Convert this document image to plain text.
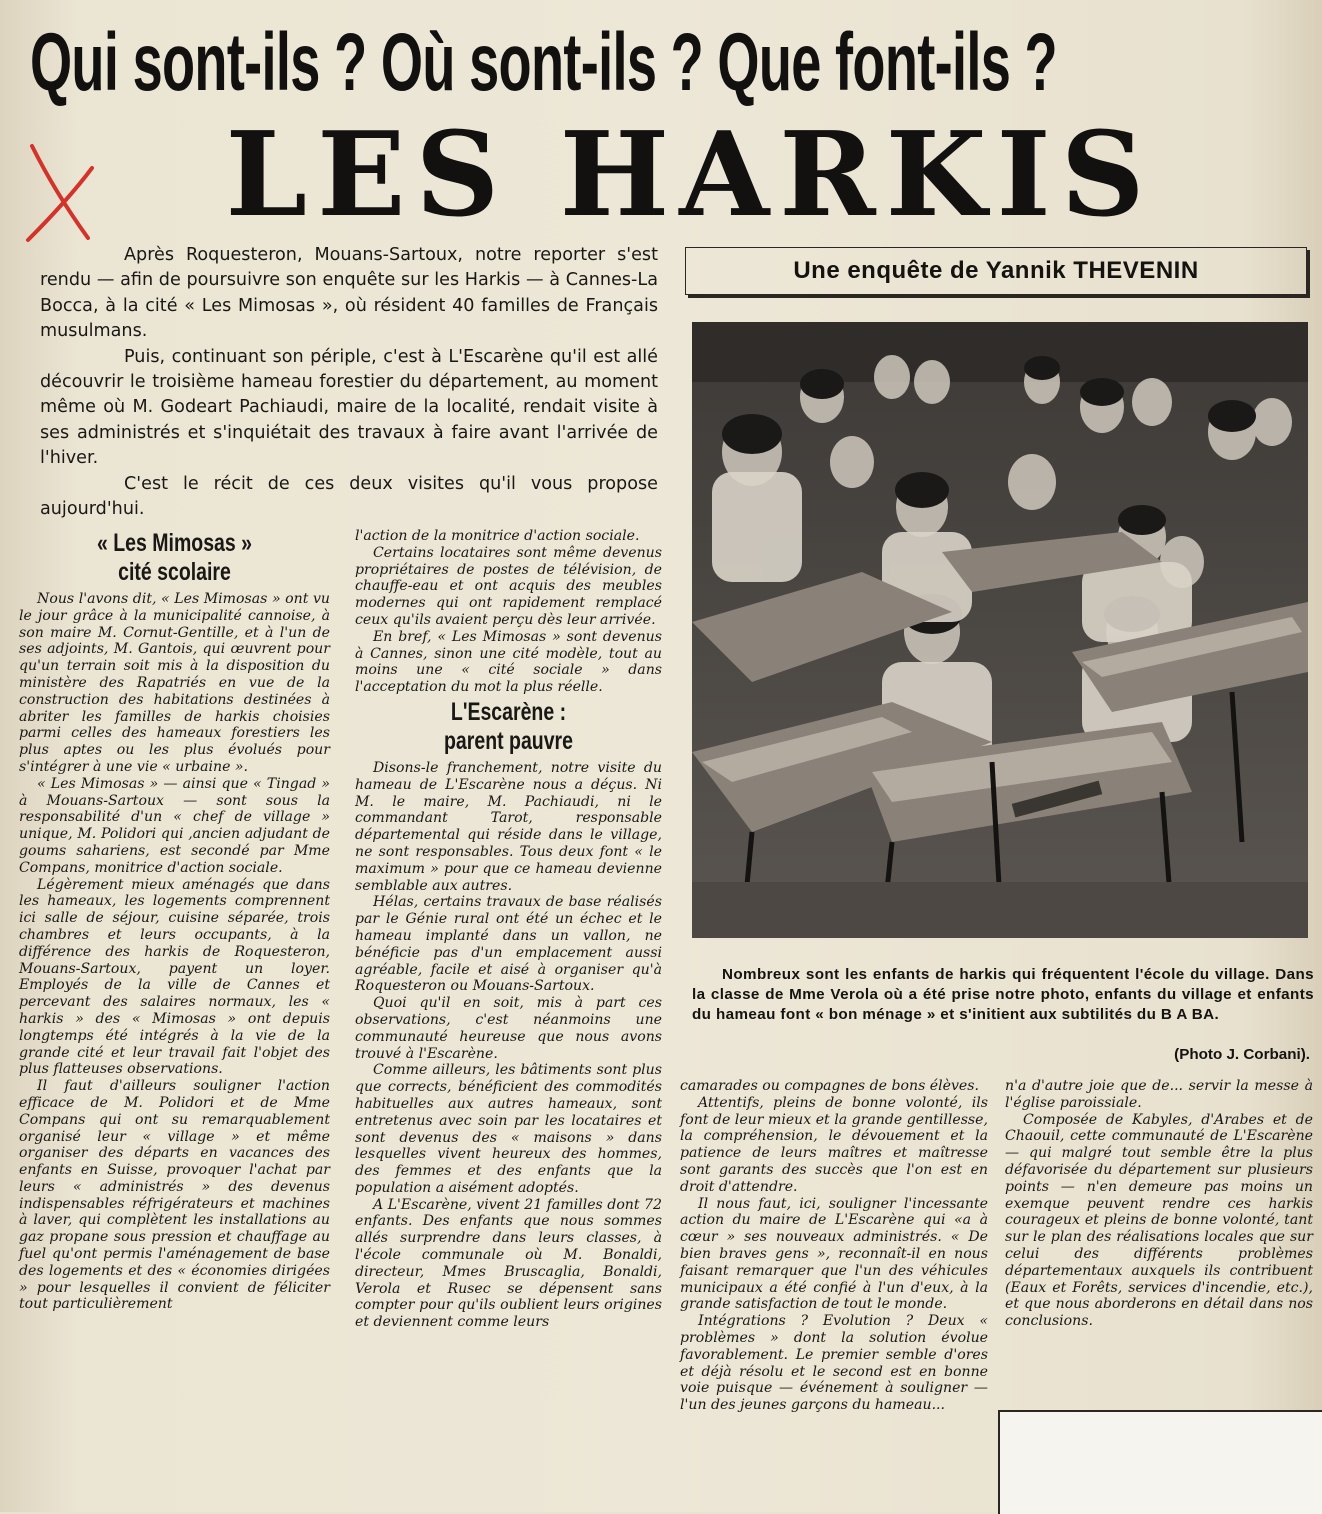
Qui sont-ils ? Où sont-ils ? Que font-ils ?
LES HARKIS

Après Roquesteron, Mouans-Sartoux, notre reporter s'est rendu — afin de poursuivre son enquête sur les Harkis — à Cannes-La Bocca, à la cité « Les Mimosas », où résident 40 familles de Français musulmans.

Puis, continuant son périple, c'est à L'Escarène qu'il est allé découvrir le troisième hameau forestier du département, au moment même où M. Godeart Pachiaudi, maire de la localité, rendait visite à ses administrés et s'inquiétait des travaux à faire avant l'arrivée de l'hiver.

C'est le récit de ces deux visites qu'il vous propose aujourd'hui.

Une enquête de Yannik THEVENIN

Nombreux sont les enfants de harkis qui fréquentent l'école du village. Dans la classe de Mme Verola où a été prise notre photo, enfants du village et enfants du hameau font « bon ménage » et s'initient aux subtilités du B A BA.

(Photo J. Corbani).
« Les Mimosas »
cité scolaire

Nous l'avons dit, « Les Mimosas » ont vu le jour grâce à la municipalité cannoise, à son maire M. Cornut-Gentille, et à l'un de ses adjoints, M. Gantois, qui œuvrent pour qu'un terrain soit mis à la disposition du ministère des Rapatriés en vue de la construction des habitations destinées à abriter les familles de harkis choisies parmi celles des hameaux forestiers les plus aptes ou les plus évolués pour s'intégrer à une vie « urbaine ».

« Les Mimosas » — ainsi que « Tingad » à Mouans-Sartoux — sont sous la responsabilité d'un « chef de village » unique, M. Polidori qui ,ancien adjudant de goums sahariens, est secondé par Mme Compans, monitrice d'action sociale.

Légèrement mieux aménagés que dans les hameaux, les logements comprennent ici salle de séjour, cuisine séparée, trois chambres et leurs occupants, à la différence des harkis de Roquesteron, Mouans-Sartoux, payent un loyer. Employés de la ville de Cannes et percevant des salaires normaux, les « harkis » des « Mimosas » ont depuis longtemps été intégrés à la vie de la grande cité et leur travail fait l'objet des plus flatteuses observations.

Il faut d'ailleurs souligner l'action efficace de M. Polidori et de Mme Compans qui ont su remarquablement organisé leur « village » et même organiser des départs en vacances des enfants en Suisse, provoquer l'achat par leurs « administrés » des devenus indispensables réfrigérateurs et machines à laver, qui complètent les installations au gaz propane sous pression et chauffage au fuel qu'ont permis l'aménagement de base des logements et des « économies dirigées » pour lesquelles il convient de féliciter tout particulièrement

l'action de la monitrice d'action sociale.

Certains locataires sont même devenus propriétaires de postes de télévision, de chauffe-eau et ont acquis des meubles modernes qui ont rapidement remplacé ceux qu'ils avaient perçu dès leur arrivée.

En bref, « Les Mimosas » sont devenus à Cannes, sinon une cité modèle, tout au moins une « cité sociale » dans l'acceptation du mot la plus réelle.

L'Escarène :
parent pauvre

Disons-le franchement, notre visite du hameau de L'Escarène nous a déçus. Ni M. le maire, M. Pachiaudi, ni le commandant Tarot, responsable départemental qui réside dans le village, ne sont responsables. Tous deux font « le maximum » pour que ce hameau devienne semblable aux autres.

Hélas, certains travaux de base réalisés par le Génie rural ont été un échec et le hameau implanté dans un vallon, ne bénéficie pas d'un emplacement aussi agréable, facile et aisé à organiser qu'à Roquesteron ou Mouans-Sartoux.

Quoi qu'il en soit, mis à part ces observations, c'est néanmoins une communauté heureuse que nous avons trouvé à l'Escarène.

Comme ailleurs, les bâtiments sont plus que corrects, bénéficient des commodités habituelles aux autres hameaux, sont entretenus avec soin par les locataires et sont devenus des « maisons » dans lesquelles vivent heureux des hommes, des femmes et des enfants que la population a aisément adoptés.

A L'Escarène, vivent 21 familles dont 72 enfants. Des enfants que nous sommes allés surprendre dans leurs classes, à l'école communale où M. Bonaldi, directeur, Mmes Bruscaglia, Bonaldi, Verola et Rusec se dépensent sans compter pour qu'ils oublient leurs origines et deviennent comme leurs

camarades ou compagnes de bons élèves.

Attentifs, pleins de bonne volonté, ils font de leur mieux et la grande gentillesse, la compréhension, le dévouement et la patience de leurs maîtres et maîtresse sont garants des succès que l'on est en droit d'attendre.

Il nous faut, ici, souligner l'incessante action du maire de L'Escarène qui «a à cœur » ses nouveaux administrés. « De bien braves gens », reconnaît-il en nous faisant remarquer que l'un des véhicules municipaux a été confié à l'un d'eux, à la grande satisfaction de tout le monde.

Intégrations ? Evolution ? Deux « problèmes » dont la solution évolue favorablement. Le premier semble d'ores et déjà résolu et le second est en bonne voie puisque — événement à souligner — l'un des jeunes garçons du hameau...

n'a d'autre joie que de... servir la messe à l'église paroissiale.

Composée de Kabyles, d'Arabes et de Chaouil, cette communauté de L'Escarène — qui malgré tout semble être la plus défavorisée du département sur plusieurs points — n'en demeure pas moins un exemque peuvent rendre ces harkis courageux et pleins de bonne volonté, tant sur le plan des réalisations locales que sur celui des différents problèmes départementaux auxquels ils contribuent (Eaux et Forêts, services d'incendie, etc.), et que nous aborderons en détail dans nos conclusions.
